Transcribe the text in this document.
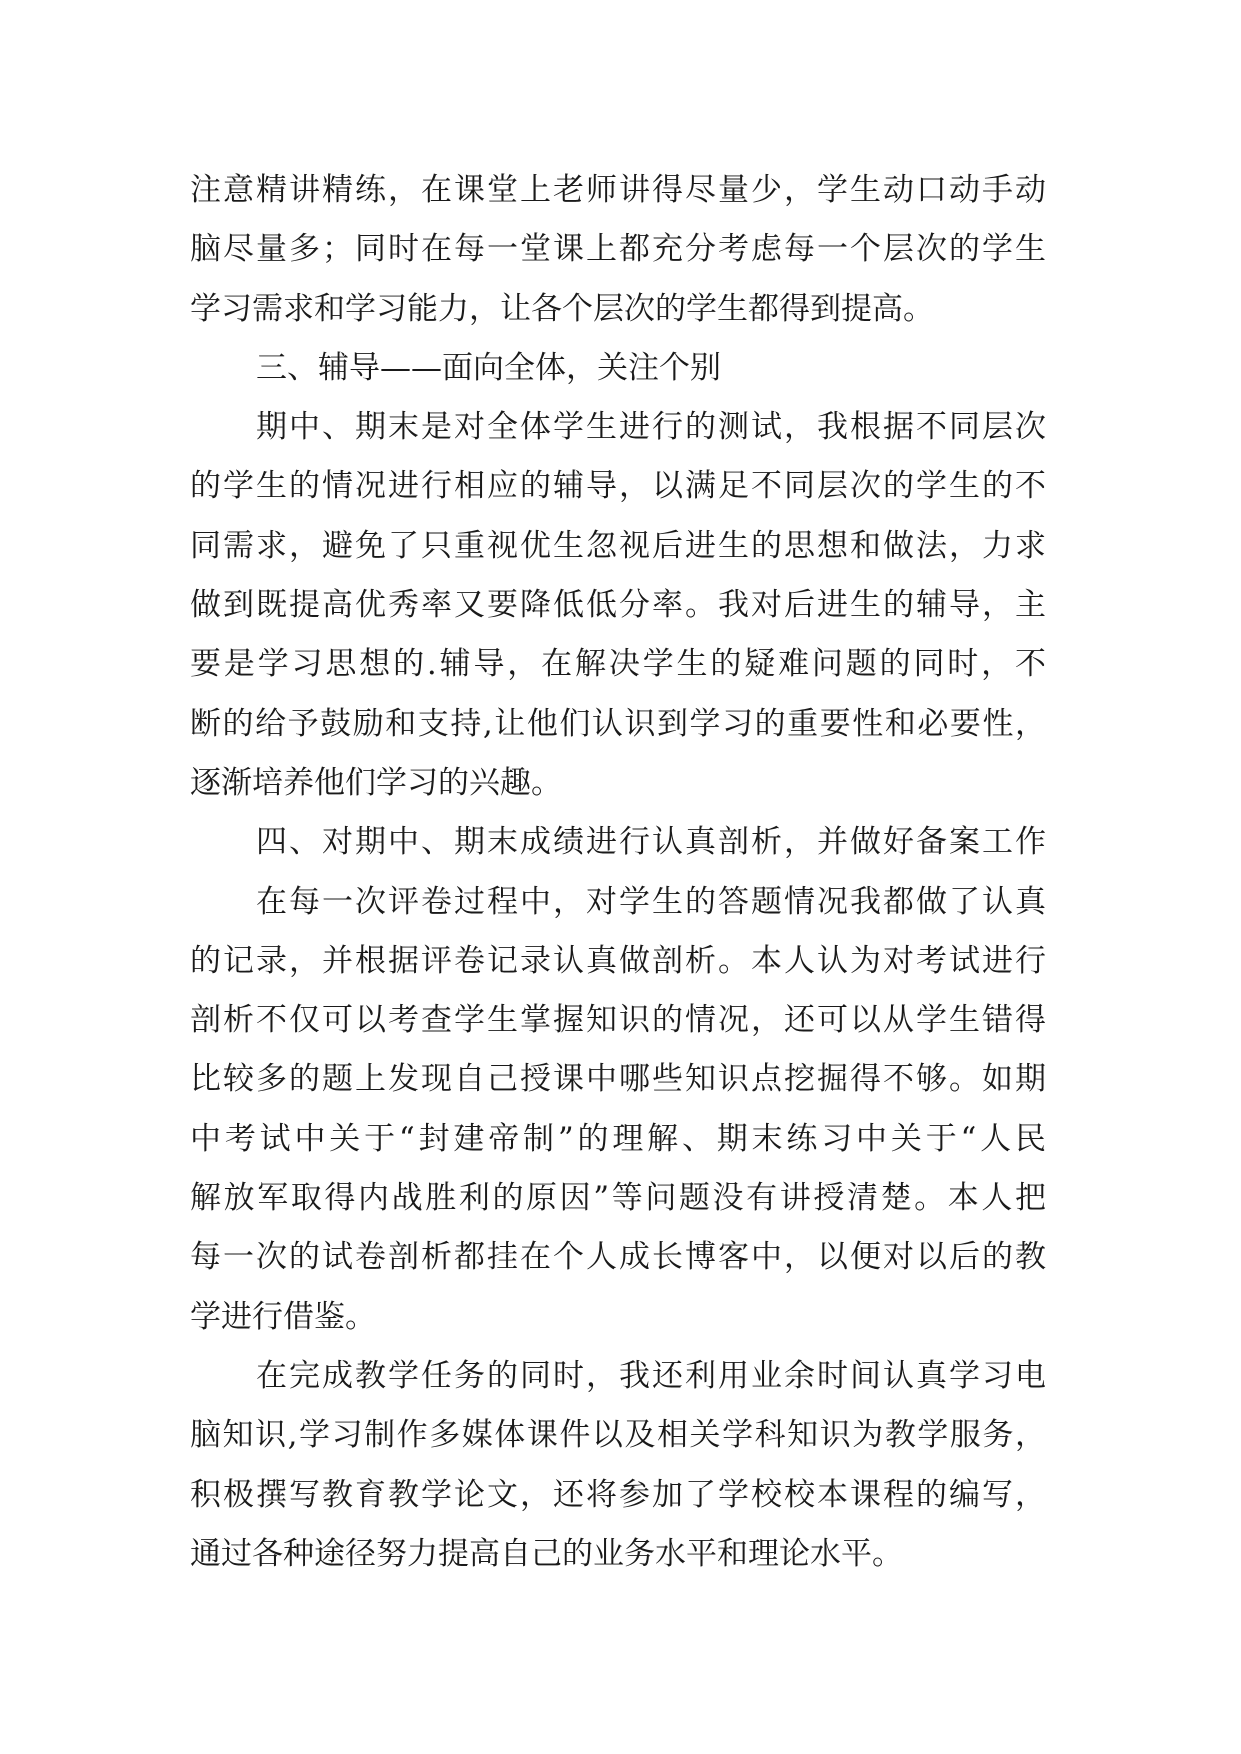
注意精讲精练，在课堂上老师讲得尽量少，学生动口动手动
脑尽量多；同时在每一堂课上都充分考虑每一个层次的学生
学习需求和学习能力，让各个层次的学生都得到提高。
三、辅导——面向全体，关注个别
期中、期末是对全体学生进行的测试，我根据不同层次
的学生的情况进行相应的辅导，以满足不同层次的学生的不
同需求，避免了只重视优生忽视后进生的思想和做法，力求
做到既提高优秀率又要降低低分率。我对后进生的辅导，主
要是学习思想的.辅导，在解决学生的疑难问题的同时，不
断的给予鼓励和支持,让他们认识到学习的重要性和必要性，
逐渐培养他们学习的兴趣。
四、对期中、期末成绩进行认真剖析，并做好备案工作
在每一次评卷过程中，对学生的答题情况我都做了认真
的记录，并根据评卷记录认真做剖析。本人认为对考试进行
剖析不仅可以考查学生掌握知识的情况，还可以从学生错得
比较多的题上发现自己授课中哪些知识点挖掘得不够。如期
中考试中关于“封建帝制”的理解、期末练习中关于“人民
解放军取得内战胜利的原因”等问题没有讲授清楚。本人把
每一次的试卷剖析都挂在个人成长博客中，以便对以后的教
学进行借鉴。
在完成教学任务的同时，我还利用业余时间认真学习电
脑知识,学习制作多媒体课件以及相关学科知识为教学服务，
积极撰写教育教学论文，还将参加了学校校本课程的编写，
通过各种途径努力提高自己的业务水平和理论水平。
